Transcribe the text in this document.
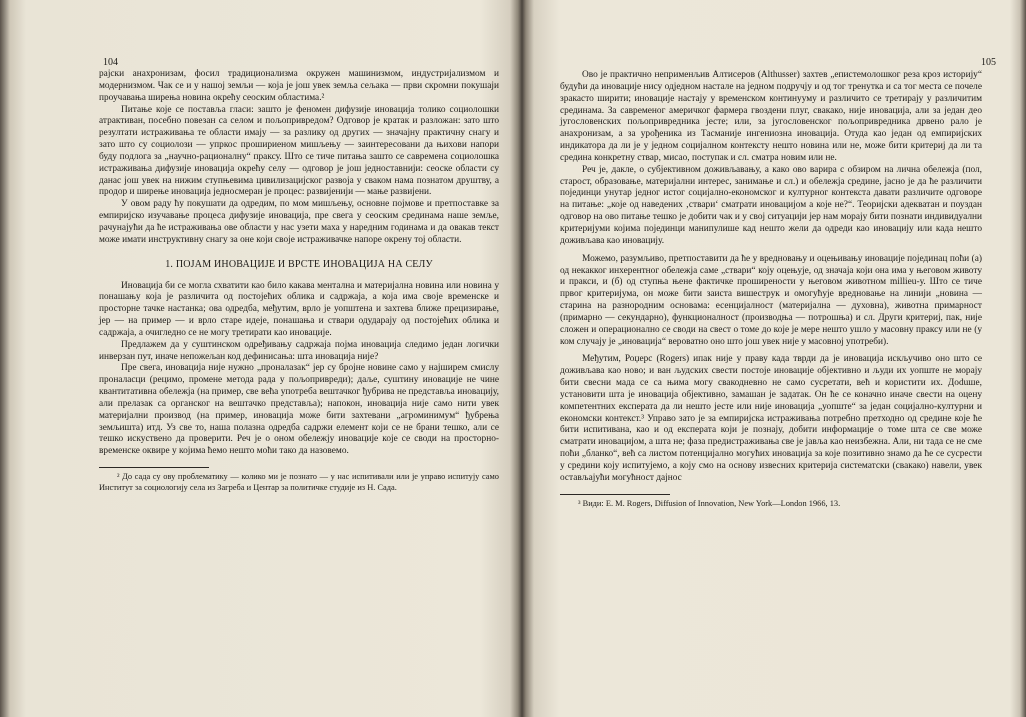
104

рајски анахронизам, фосил традиционализма окружен машинизмом, индустријализмом и модернизмом. Чак се и у нашој земљи — која је још увек земља сељака — први скромни покушаји проучавања ширења новина окрећу сеоским областима.²

Питање које се поставља гласи: зашто је феномен дифузије иновација толико социолошки атрактиван, посебно повезан са селом и пољопривредом? Одговор је кратак и разложан: зато што резултати истраживања те области имају — за разлику од других — значајну практичну снагу и зато што су социолози — упркос прошириеном мишљењу — заинтересовани да њихови напори буду подлога за „научно-рационалну“ праксу. Што се тиче питања зашто се савремена социолошка истраживања дифузије иновација окрећу селу — одговор је још једноставнији: сеоске области су данас још увек на нижим ступњевима цивилизацијског развоја у сваком нама познатом друштву, а продор и ширење иновација једносмеран је процес: развијенији — мање развијени.

У овом раду ћу покушати да одредим, по мом мишљењу, основне појмове и претпоставке за емпиријско изучавање процеса дифузије иновација, пре свега у сеоским срединама наше земље, рачунајући да ће истраживања ове области у нас узети маха у наредним годинама и да овакав текст може имати инструктивну снагу за оне који своје истраживачке напоре окрену тој области.

1. ПОЈАМ ИНОВАЦИЈЕ И ВРСТЕ ИНОВАЦИЈА НА СЕЛУ

Иновација би се могла схватити као било какава ментална и материјална новина или новина у понашању која је различита од постојећих облика и садржаја, а која има своје временске и просторне тачке настанка; ова одредба, међутим, врло је уопштена и захтева ближе прецизирање, јер — на пример — и врло старе идеје, понашања и ствари одударају од постојећих облика и садржаја, а очигледно се не могу третирати као иновације.

Предлажем да у суштинском одређивању садржаја појма иновација следимо један логички инверзан пут, иначе непожељан код дефинисања: шта иновација није?

Пре свега, иновација није нужно „проналазак“ јер су бројне новине само у најширем смислу проналасци (рецимо, промене метода рада у пољопривреди); даље, суштину иновације не чине квантитативна обележја (на пример, све већа употреба вештачког ђубрива не представља иновацију, али прелазак са органског на вештачко представља); напокон, иновација није само нити увек материјални производ (на пример, иновација може бити захтевани „агроминимум“ ђубрења земљишта) итд. Уз све то, наша полазна одредба садржи елемент који се не брани тешко, али се тешко искуствено да проверити. Реч је о оном обележју иновације које се своди на просторно-временске оквире у којима ћемо нешто моћи тако да назовемо.

² До сада су ову проблематику — колико ми је познато — у нас испитивали или је управо испитују само Институт за социологију села из Загреба и Центар за политичке студије из Н. Сада.

105

Ово је практично неприменљив Алтисеров (Althusser) захтев „епистемолошког реза кроз историју“ будући да иновације нису одједном настале на једном подручју и од тог тренутка и са тог места се почеле зракасто ширити; иновације настају у временском континууму и различито се третирају у различитим срединама. За савременог америчког фармера гвоздени плуг, свакако, није иновација, али за један део југословенских пољопривредника јесте; или, за југословенског пољопривредника дрвено рало је анахронизам, а за урођеника из Тасманије ингениозна иновација. Отуда као један од емпиријских индикатора да ли је у једном социјалном контексту нешто новина или не, може бити критериј да ли та средина конкретну ствар, мисао, поступак и сл. смaтра новим или не.

Реч је, дакле, о субјективном доживљавању, а како ово варира с обзиром на лична обележја (пол, старост, образовање, материјални интерес, занимање и сл.) и обележја средине, јасно је да ће различити појединци унутар једног истог социјално-економског и културног контекста давати различите одговоре на питање: „које од наведених ‚ствари‘ сматрати иновацијом а које не?“. Теоријски адекватан и поуздан одговор на ово питање тешко је добити чак и у свој ситуацији јер нам морају бити познати индивидуални критеријуми којима појединци манипулише кад нешто жели да одреди као иновацију или када нешто доживљава као иновацију.

Можемо, разумљиво, претпоставити да ће у вредновању и оцењивању иновације појединац поћи (а) од некакког инхерентног обележја саме „ствари“ коју оцењује, од значаја који она има у његовом животу и пракси, и (б) од ступња њене фактичке проширености у његовом животном millieu-у. Што се тиче првог критеријума, он може бити заиста вишеструк и омогућује вредновање на линији „новина — старина на разнородним основама: есенцијалност (материјална — духовна), животна примарност (примарно — секундарно), функционалност (производња — потрошња) и сл. Други критериј, пак, није сложен и операционално се своди на свест о томе до које је мере нешто ушло у масовну праксу или не (у ком случају је „иновација“ вероватно оно што још увек није у масовној употреби).

Међутим, Роџерс (Rogers) ипак није у праву када тврди да је иновација искључиво оно што се доживљава као ново; и ван људских свести постоје иновације објективно и људи их уопште не морају бити свесни мада се са њима могу свакодневно не само сусретати, већ и користити их. Доduше, установити шта је иновација објективно, замашан је задатак. Он ће се коначно иначе свести на оцену компетентних експерата да ли нешто јесте или није иновација „уопште“ за један социјално-културни и економски контекст.³ Управо зато је за емпиријска истраживања потребно претходно од средине које ће бити испитивана, као и од експерата који је познају, добити информације о томе шта се све може сматрати иновацијом, а шта не; фаза предистраживања све је јавља као неизбежна. Али, ни тада се не сме поћи „бланко“, већ са листом потенцијално могућих иновација за које позитивно знамо да ће се сусрести у средини коју испитујемо, а коју смо на основу извесних критерија систематски (свакако) навели, увек остављајући могућност дајнос

³ Види: E. M. Rogers, Diffusion of Innovation, New York—London 1966, 13.
